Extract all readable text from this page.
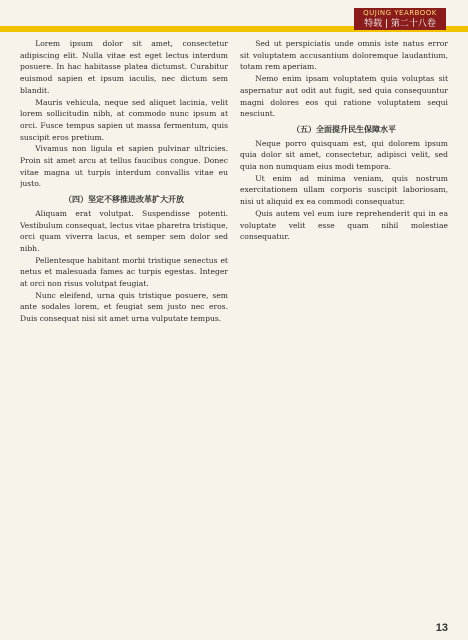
QUJING YEARBOOK
特载 | 第二十八卷

Lorem ipsum dolor sit amet, consectetur adipiscing elit. Nulla vitae est eget lectus interdum posuere. In hac habitasse platea dictumst. Curabitur euismod sapien et ipsum iaculis, nec dictum sem blandit.

Mauris vehicula, neque sed aliquet lacinia, velit lorem sollicitudin nibh, at commodo nunc ipsum at orci. Fusce tempus sapien ut massa fermentum, quis suscipit eros pretium.

Vivamus non ligula et sapien pulvinar ultricies. Proin sit amet arcu at tellus faucibus congue. Donec vitae magna ut turpis interdum convallis vitae eu justo.

（四）坚定不移推进改革扩大开放

Aliquam erat volutpat. Suspendisse potenti. Vestibulum consequat, lectus vitae pharetra tristique, orci quam viverra lacus, et semper sem dolor sed nibh.

Pellentesque habitant morbi tristique senectus et netus et malesuada fames ac turpis egestas. Integer at orci non risus volutpat feugiat.

Nunc eleifend, urna quis tristique posuere, sem ante sodales lorem, et feugiat sem justo nec eros. Duis consequat nisi sit amet urna vulputate tempus.

Sed ut perspiciatis unde omnis iste natus error sit voluptatem accusantium doloremque laudantium, totam rem aperiam.

Nemo enim ipsam voluptatem quia voluptas sit aspernatur aut odit aut fugit, sed quia consequuntur magni dolores eos qui ratione voluptatem sequi nesciunt.

（五）全面提升民生保障水平

Neque porro quisquam est, qui dolorem ipsum quia dolor sit amet, consectetur, adipisci velit, sed quia non numquam eius modi tempora.

Ut enim ad minima veniam, quis nostrum exercitationem ullam corporis suscipit laboriosam, nisi ut aliquid ex ea commodi consequatur.

Quis autem vel eum iure reprehenderit qui in ea voluptate velit esse quam nihil molestiae consequatur.

13
